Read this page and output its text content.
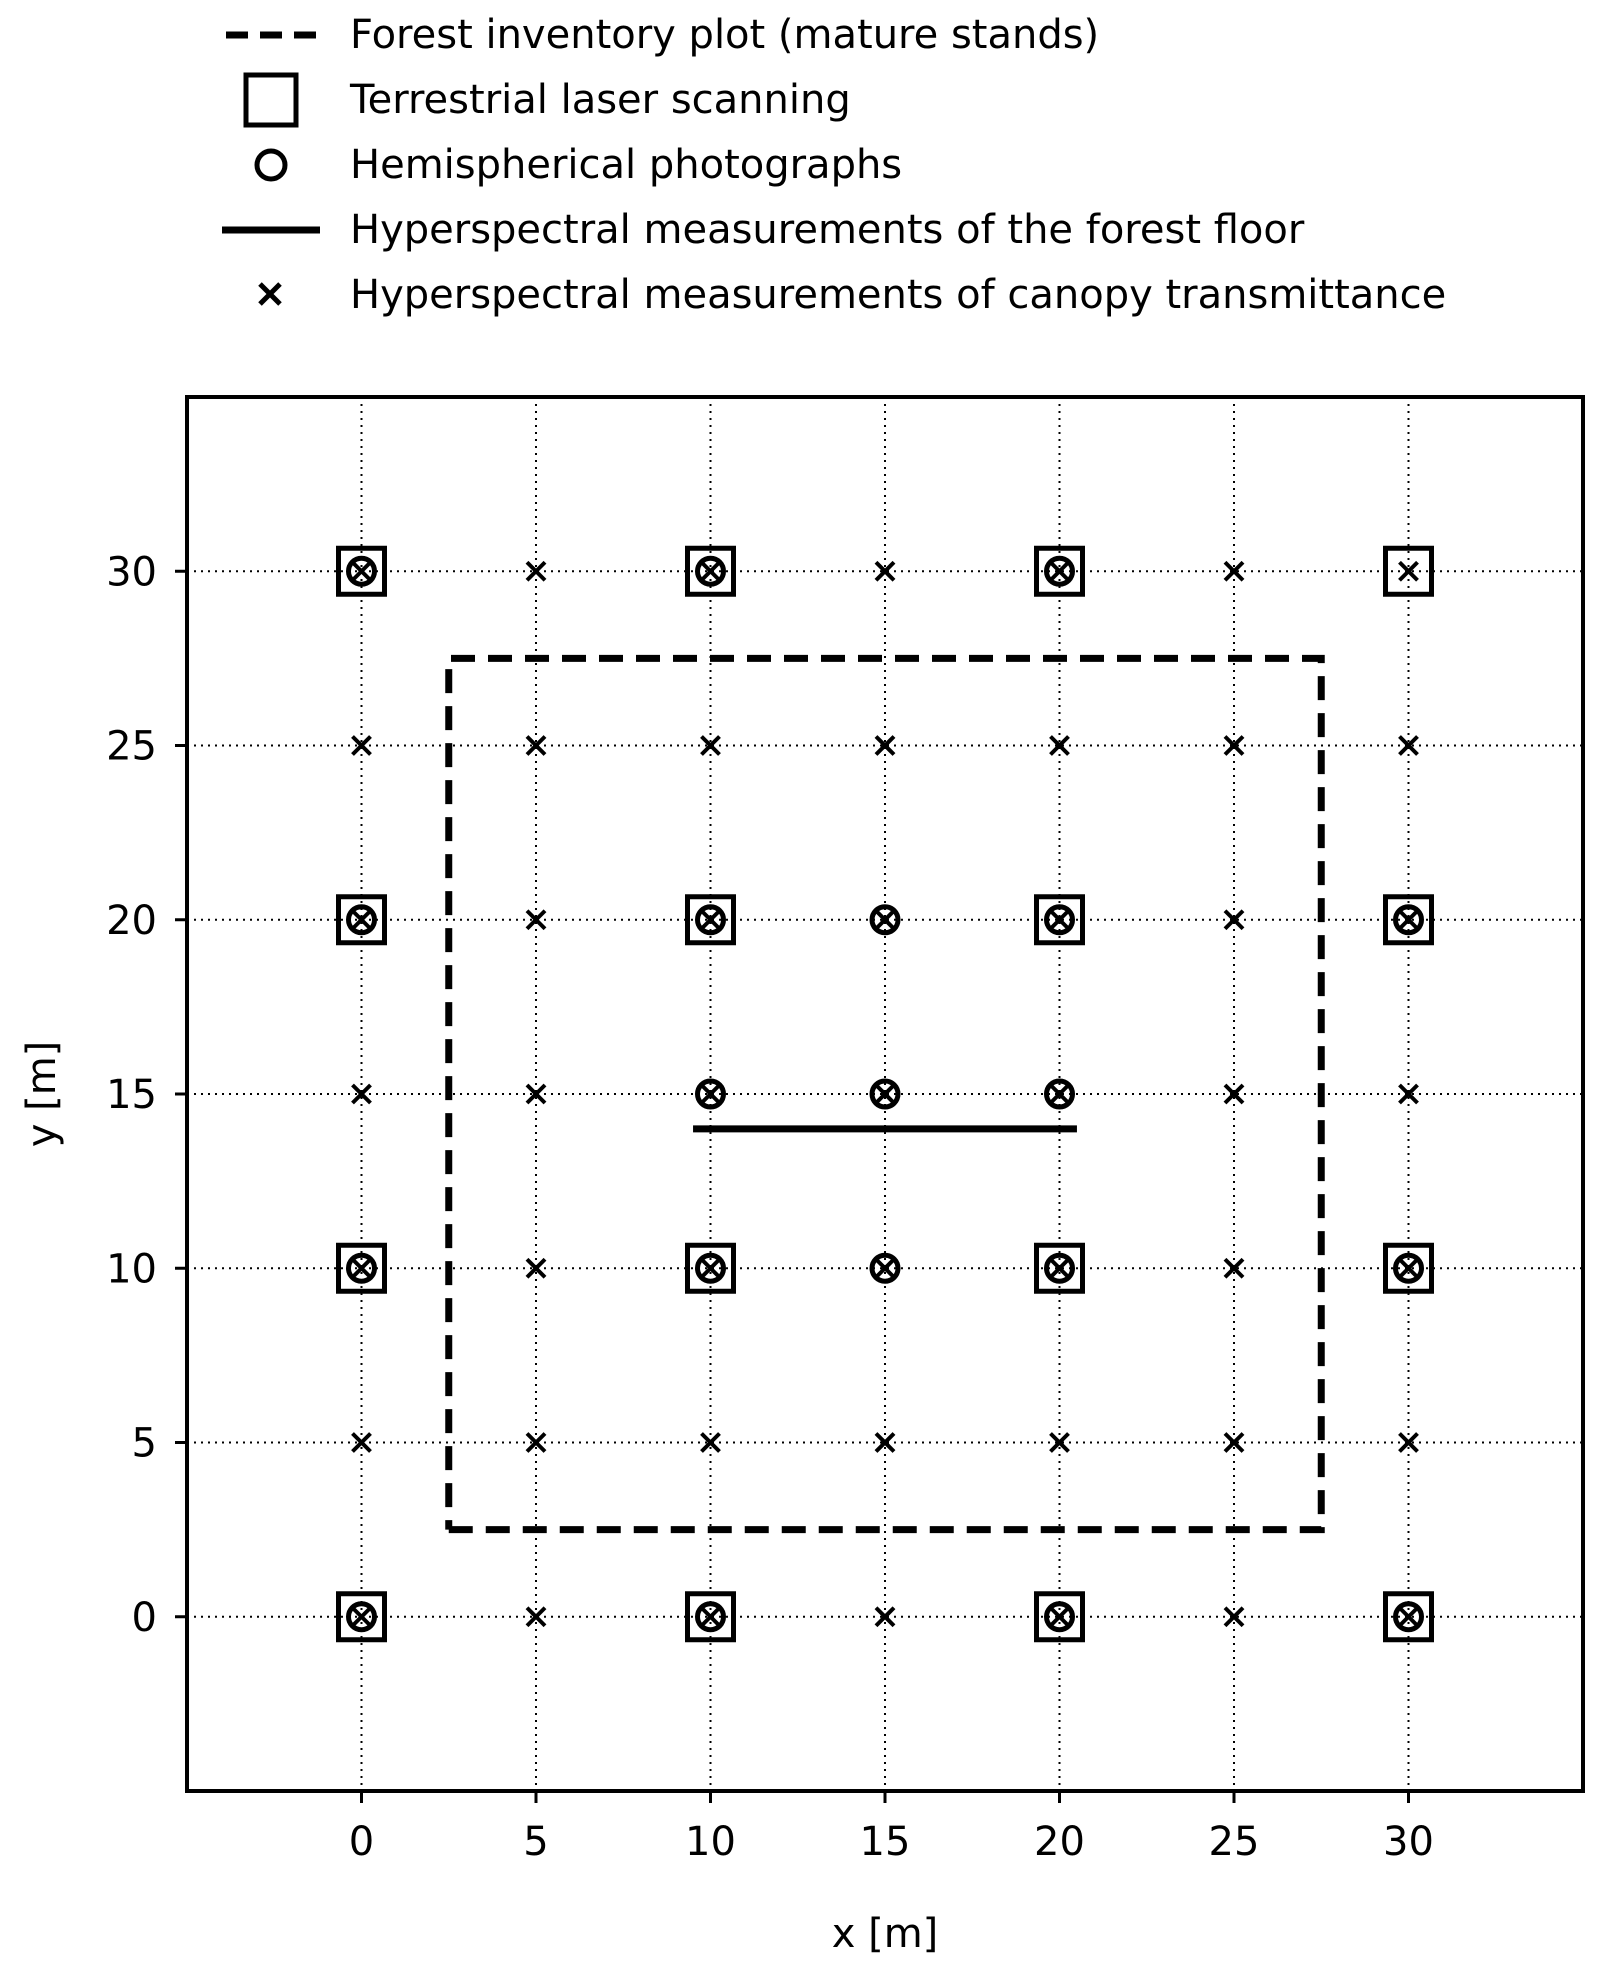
Forest inventory plot (mature stands)
Terrestrial laser scanning
Hemispherical photographs
Hyperspectral measurements of the forest floor
Hyperspectral measurements of canopy transmittance
0	5	10	15	20	25	30
0
5
10
15
20
25
30
x [m]
y [m]
